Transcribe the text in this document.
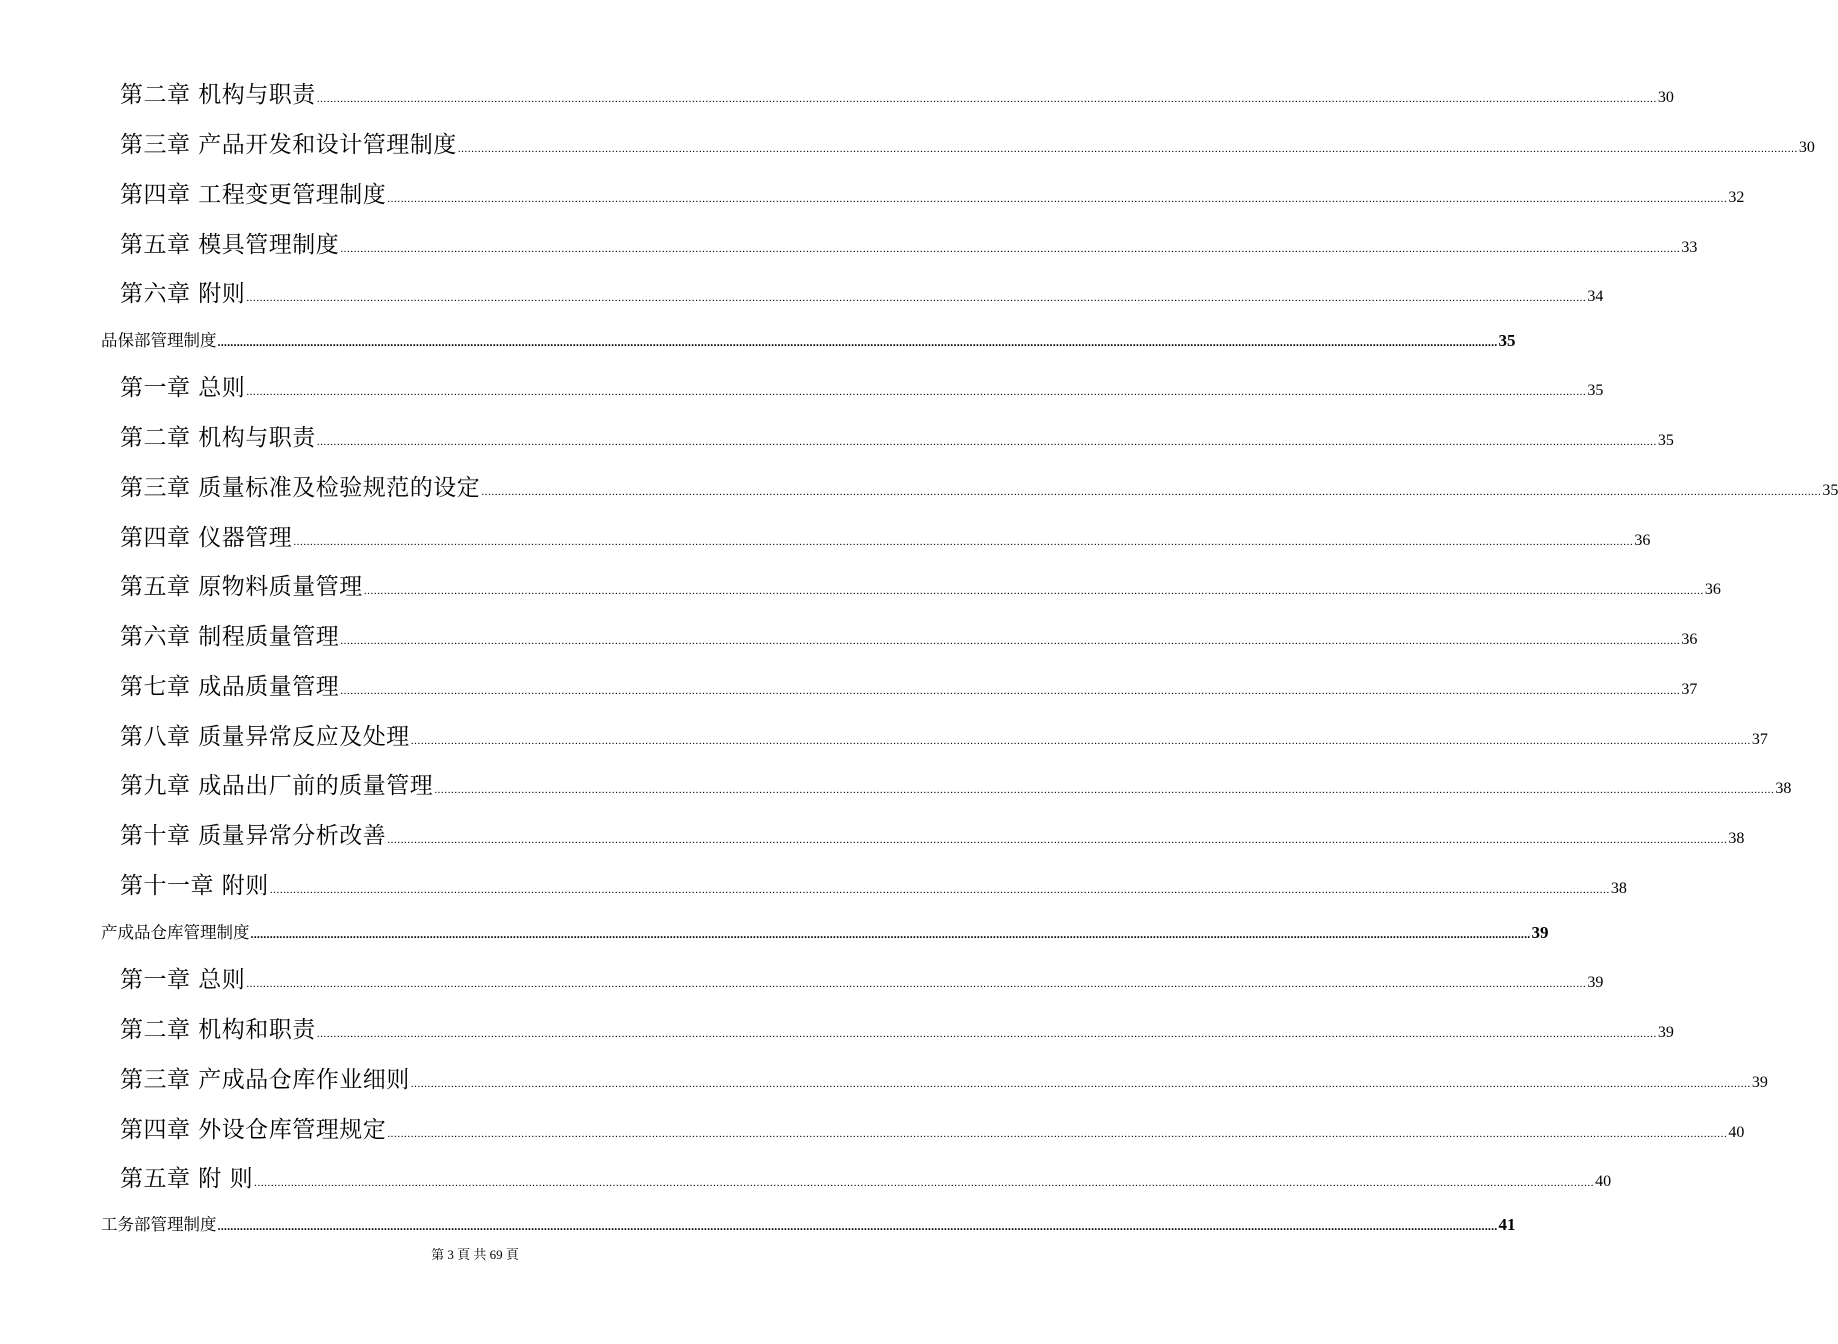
第二章 机构与职责 ................................................................................................................................................................................................................................................................................................................................................................................................................ 30
第三章 产品开发和设计管理制度 ................................................................................................................................................................................................................................................................................................................................................................................................................ 30
第四章 工程变更管理制度 ................................................................................................................................................................................................................................................................................................................................................................................................................ 32
第五章 模具管理制度 ................................................................................................................................................................................................................................................................................................................................................................................................................ 33
第六章 附则 ................................................................................................................................................................................................................................................................................................................................................................................................................ 34
品保部管理制度 ................................................................................................................................................................................................................................................................................................................................................................................................................ 35
第一章 总则 ................................................................................................................................................................................................................................................................................................................................................................................................................ 35
第二章 机构与职责 ................................................................................................................................................................................................................................................................................................................................................................................................................ 35
第三章 质量标准及检验规范的设定 ................................................................................................................................................................................................................................................................................................................................................................................................................ 35
第四章 仪器管理 ................................................................................................................................................................................................................................................................................................................................................................................................................ 36
第五章 原物料质量管理 ................................................................................................................................................................................................................................................................................................................................................................................................................ 36
第六章 制程质量管理 ................................................................................................................................................................................................................................................................................................................................................................................................................ 36
第七章 成品质量管理 ................................................................................................................................................................................................................................................................................................................................................................................................................ 37
第八章 质量异常反应及处理 ................................................................................................................................................................................................................................................................................................................................................................................................................ 37
第九章 成品出厂前的质量管理 ................................................................................................................................................................................................................................................................................................................................................................................................................ 38
第十章 质量异常分析改善 ................................................................................................................................................................................................................................................................................................................................................................................................................ 38
第十一章 附则 ................................................................................................................................................................................................................................................................................................................................................................................................................ 38
产成品仓库管理制度 ................................................................................................................................................................................................................................................................................................................................................................................................................ 39
第一章 总则 ................................................................................................................................................................................................................................................................................................................................................................................................................ 39
第二章 机构和职责 ................................................................................................................................................................................................................................................................................................................................................................................................................ 39
第三章 产成品仓库作业细则 ................................................................................................................................................................................................................................................................................................................................................................................................................ 39
第四章 外设仓库管理规定 ................................................................................................................................................................................................................................................................................................................................................................................................................ 40
第五章 附 则 ................................................................................................................................................................................................................................................................................................................................................................................................................ 40
工务部管理制度 ................................................................................................................................................................................................................................................................................................................................................................................................................ 41
第 3 頁 共 69 頁
